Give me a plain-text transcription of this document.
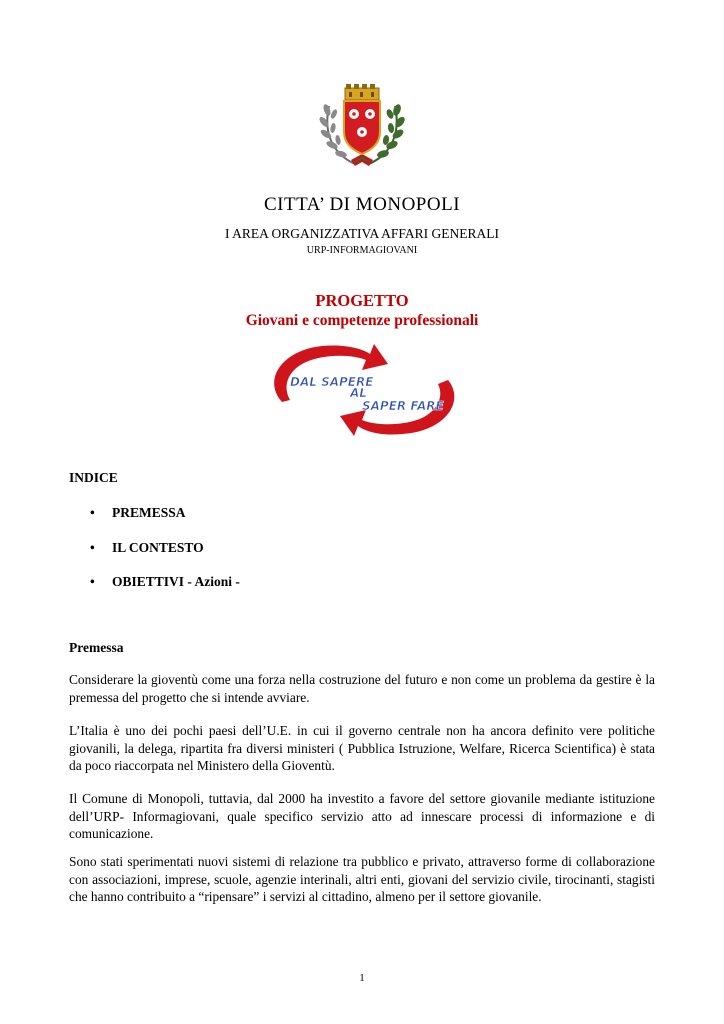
CITTA’ DI MONOPOLI
I AREA ORGANIZZATIVA AFFARI GENERALI
URP-INFORMAGIOVANI
PROGETTO
Giovani e competenze professionali
DAL SAPERE
AL
SAPER FARE
INDICE
• PREMESSA
• IL CONTESTO
• OBIETTIVI - Azioni -
Premessa

Considerare la gioventù come una forza nella costruzione del futuro e non come un problema da gestire è la premessa del progetto che si intende avviare.

L’Italia è uno dei pochi paesi dell’U.E. in cui il governo centrale non ha ancora definito vere politiche giovanili, la delega, ripartita fra diversi ministeri ( Pubblica Istruzione, Welfare, Ricerca Scientifica) è stata da poco riaccorpata nel Ministero della Gioventù.

Il Comune di Monopoli, tuttavia, dal 2000 ha investito a favore del settore giovanile mediante istituzione dell’URP- Informagiovani, quale specifico servizio atto ad innescare processi di informazione e di comunicazione.

Sono stati sperimentati nuovi sistemi di relazione tra pubblico e privato, attraverso forme di collaborazione con associazioni, imprese, scuole, agenzie interinali, altri enti, giovani del servizio civile, tirocinanti, stagisti che hanno contribuito a “ripensare” i servizi al cittadino, almeno per il settore giovanile.

1
